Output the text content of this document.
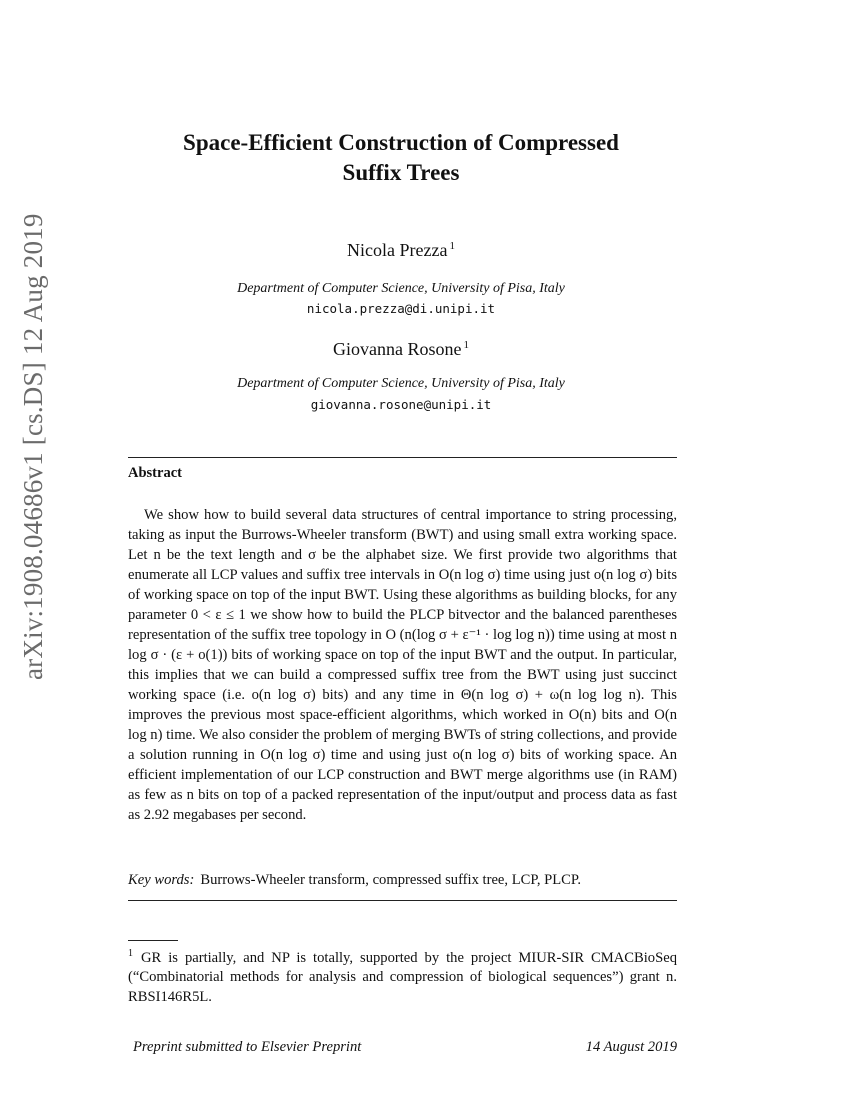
arXiv:1908.04686v1 [cs.DS] 12 Aug 2019
Space-Efficient Construction of Compressed
Suffix Trees
Nicola Prezza $^1$
Department of Computer Science, University of Pisa, Italy
nicola.prezza@di.unipi.it
Giovanna Rosone $^1$
Department of Computer Science, University of Pisa, Italy
giovanna.rosone@unipi.it
Abstract

We show how to build several data structures of central importance to string processing, taking as input the Burrows-Wheeler transform (BWT) and using small extra working space. Let n be the text length and σ be the alphabet size. We first provide two algorithms that enumerate all LCP values and suffix tree intervals in O(n log σ) time using just o(n log σ) bits of working space on top of the input BWT. Using these algorithms as building blocks, for any parameter 0 < ε ≤ 1 we show how to build the PLCP bitvector and the balanced parentheses representation of the suffix tree topology in O (n(log σ + ε⁻¹ · log log n)) time using at most n log σ · (ε + o(1)) bits of working space on top of the input BWT and the output. In particular, this implies that we can build a compressed suffix tree from the BWT using just succinct working space (i.e. o(n log σ) bits) and any time in Θ(n log σ) + ω(n log log n). This improves the previous most space-efficient algorithms, which worked in O(n) bits and O(n log n) time. We also consider the problem of merging BWTs of string collections, and provide a solution running in O(n log σ) time and using just o(n log σ) bits of working space. An efficient implementation of our LCP construction and BWT merge algorithms use (in RAM) as few as n bits on top of a packed representation of the input/output and process data as fast as 2.92 megabases per second.

Key words: Burrows-Wheeler transform, compressed suffix tree, LCP, PLCP.

$^1$ GR is partially, and NP is totally, supported by the project MIUR-SIR CMACBioSeq (“Combinatorial methods for analysis and compression of biological sequences”) grant n. RBSI146R5L.

Preprint submitted to Elsevier Preprint	14 August 2019
